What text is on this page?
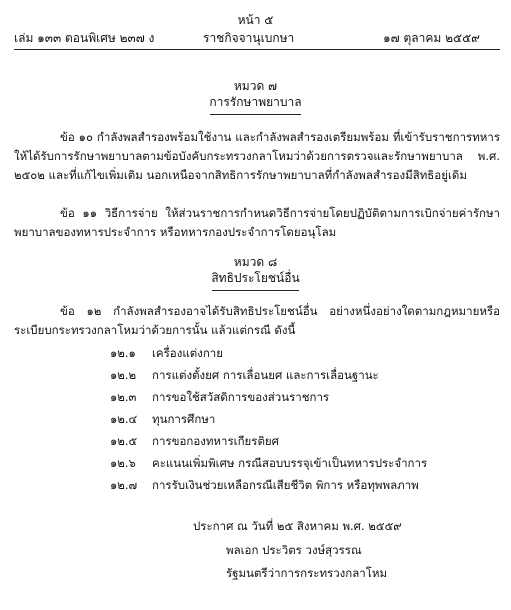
หน้า ๕
เล่ม ๑๓๓ ตอนพิเศษ ๒๓๗ ง	ราชกิจจานุเบกษา	๑๗ ตุลาคม ๒๕๕๙
หมวด ๗
การรักษาพยาบาล
ข้อ ๑๐ กำลังพลสำรองพร้อมใช้งาน และกำลังพลสำรองเตรียมพร้อม ที่เข้ารับราชการทหารให้ได้รับการรักษาพยาบาลตามข้อบังคับกระทรวงกลาโหมว่าด้วยการตรวจและรักษาพยาบาล พ.ศ. ๒๕๐๒ และที่แก้ไขเพิ่มเติม นอกเหนือจากสิทธิการรักษาพยาบาลที่กำลังพลสำรองมีสิทธิอยู่เดิม
ข้อ ๑๑ วิธีการจ่าย ให้ส่วนราชการกำหนดวิธีการจ่ายโดยปฏิบัติตามการเบิกจ่ายค่ารักษาพยาบาลของทหารประจำการ หรือทหารกองประจำการโดยอนุโลม
หมวด ๘
สิทธิประโยชน์อื่น
ข้อ ๑๒ กำลังพลสำรองอาจได้รับสิทธิประโยชน์อื่น อย่างหนึ่งอย่างใดตามกฎหมายหรือระเบียบกระทรวงกลาโหมว่าด้วยการนั้น แล้วแต่กรณี ดังนี้
๑๒.๑ เครื่องแต่งกาย
๑๒.๒ การแต่งตั้งยศ การเลื่อนยศ และการเลื่อนฐานะ
๑๒.๓ การขอใช้สวัสดิการของส่วนราชการ
๑๒.๔ ทุนการศึกษา
๑๒.๕ การขอกองทหารเกียรติยศ
๑๒.๖ คะแนนเพิ่มพิเศษ กรณีสอบบรรจุเข้าเป็นทหารประจำการ
๑๒.๗ การรับเงินช่วยเหลือกรณีเสียชีวิต พิการ หรือทุพพลภาพ
ประกาศ ณ วันที่ ๒๕ สิงหาคม พ.ศ. ๒๕๕๙
พลเอก ประวิตร วงษ์สุวรรณ
รัฐมนตรีว่าการกระทรวงกลาโหม
